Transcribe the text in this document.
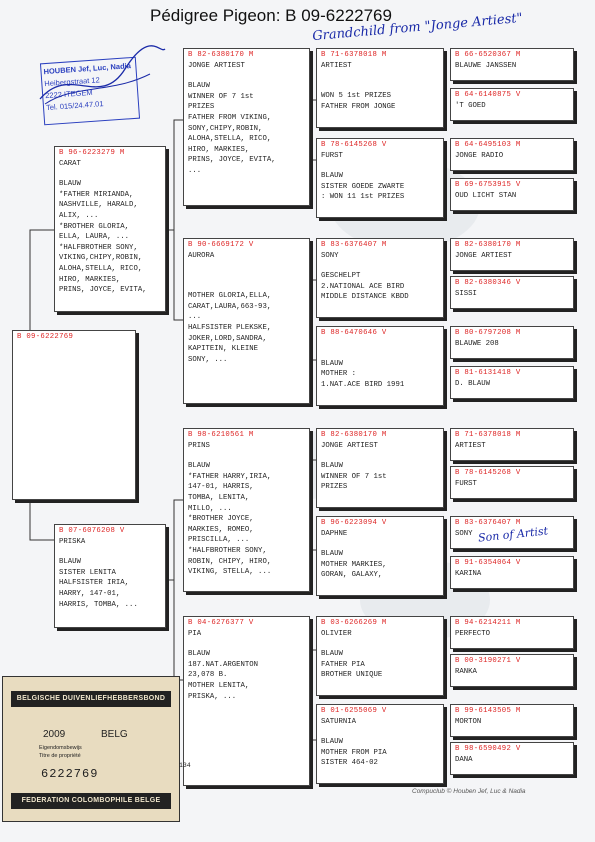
Pédigree Pigeon: B 09-6222769
Grandchild from "Jonge Artiest"
HOUBEN Jef, Luc, Nadia
Heibergstraat 12
2222 ITEGEM
Tel. 015/24.47.01
B 09-6222769
B 96-6223279 M
CARAT
BLAUW
*FATHER MIRIANDA,
NASHVILLE, HARALD,
ALIX, ...
*BROTHER GLORIA,
ELLA, LAURA, ...
*HALFBROTHER SONY,
VIKING,CHIPY,ROBIN,
ALOHA,STELLA, RICO,
HIRO, MARKIES,
PRINS, JOYCE, EVITA,
B 07-6076208 V
PRISKA
BLAUW
SISTER LENITA
HALFSISTER IRIA,
HARRY, 147-01,
HARRIS, TOMBA, ...
B 82-6380170 M
JONGE ARTIEST
BLAUW
WINNER OF 7 1st
PRIZES
FATHER FROM VIKING,
SONY,CHIPY,ROBIN,
ALOHA,STELLA, RICO,
HIRO, MARKIES,
PRINS, JOYCE, EVITA,
...
B 90-6669172 V
AURORA
MOTHER GLORIA,ELLA,
CARAT,LAURA,663-93,
...
HALFSISTER PLEKSKE,
JOKER,LORD,SANDRA,
KAPITEIN, KLEINE
SONY, ...
B 98-6210561 M
PRINS
BLAUW
*FATHER HARRY,IRIA,
147-01, HARRIS,
TOMBA, LENITA,
MILLO, ...
*BROTHER JOYCE,
MARKIES, ROMEO,
PRISCILLA, ...
*HALFBROTHER SONY,
ROBIN, CHIPY, HIRO,
VIKING, STELLA, ...
B 04-6276377 V
PIA
BLAUW
187.NAT.ARGENTON
23,078 B.
MOTHER LENITA,
PRISKA, ...
B 71-6378018 M
ARTIEST
WON 5 1st PRIZES
FATHER FROM JONGE
B 78-6145268 V
FURST
BLAUW
SISTER GOEDE ZWARTE
: WON 11 1st PRIZES
B 83-6376407 M
SONY
GESCHELPT
2.NATIONAL ACE BIRD
MIDDLE DISTANCE KBDD
B 88-6470646 V
BLAUW
MOTHER :
1.NAT.ACE BIRD 1991
B 82-6380170 M
JONGE ARTIEST
BLAUW
WINNER OF 7 1st
PRIZES
B 96-6223094 V
DAPHNE
BLAUW
MOTHER MARKIES,
GORAN, GALAXY,
B 03-6266269 M
OLIVIER
BLAUW
FATHER PIA
BROTHER UNIQUE
B 01-6255069 V
SATURNIA
BLAUW
MOTHER FROM PIA
SISTER 464-02
B 66-6520367 M
BLAUWE JANSSEN
B 64-6140875 V
'T GOED
B 64-6495103 M
JONGE RADIO
B 69-6753915 V
OUD LICHT STAN
B 82-6380170 M
JONGE ARTIEST
B 82-6380346 V
SISSI
B 80-6797208 M
BLAUWE 208
B 81-6131418 V
D. BLAUW
B 71-6378018 M
ARTIEST
B 78-6145268 V
FURST
B 83-6376407 M
SONY
B 91-6354064 V
KARINA
B 94-6214211 M
PERFECTO
B 00-3190271 V
RANKA
B 99-6143505 M
MORTON
B 98-6590492 V
DANA
Son of Artist
BELGISCHE DUIVENLIEFHEBBERSBOND
2009	BELG
Eigendomsbewijs
Titre de propriété
6222769
FEDERATION COLOMBOPHILE BELGE
134
Compuclub © Houben Jef, Luc & Nadia
